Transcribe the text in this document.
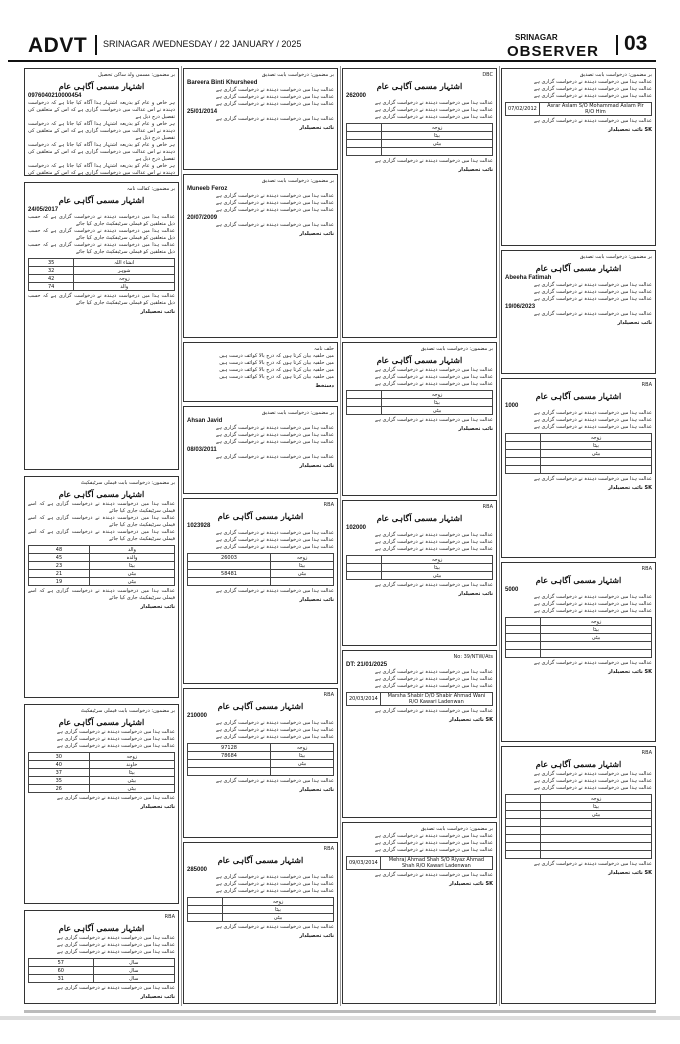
ADVT SRINAGAR /WEDNESDAY / 22 JANUARY / 2025
SRINAGAR
OBSERVER 03
بر مضمون: مسمی ولد ساکن تحصیل
اشتہار مسمی آگاہی عام
0976040210000454
ہر خاص و عام کو بذریعہ اشتہار ہذا آگاہ کیا جاتا ہے کہ درخواست دہندہ نے اس عدالت میں درخواست گزاری ہے کہ اس کے متعلقین کی تفصیل درج ذیل ہے
ہر خاص و عام کو بذریعہ اشتہار ہذا آگاہ کیا جاتا ہے کہ درخواست دہندہ نے اس عدالت میں درخواست گزاری ہے کہ اس کے متعلقین کی تفصیل درج ذیل ہے
ہر خاص و عام کو بذریعہ اشتہار ہذا آگاہ کیا جاتا ہے کہ درخواست دہندہ نے اس عدالت میں درخواست گزاری ہے کہ اس کے متعلقین کی تفصیل درج ذیل ہے
ہر خاص و عام کو بذریعہ اشتہار ہذا آگاہ کیا جاتا ہے کہ درخواست دہندہ نے اس عدالت میں درخواست گزاری ہے کہ اس کے متعلقین کی
بر مضمون: کفالت نامہ
اشتہار مسمی آگاہی عام
24/05/2017
عدالت ہذا میں درخواست دہندہ نے درخواست گزاری ہے کہ حسب ذیل متعلقین کو فیملی سرٹیفکیٹ جاری کیا جائے
عدالت ہذا میں درخواست دہندہ نے درخواست گزاری ہے کہ حسب ذیل متعلقین کو فیملی سرٹیفکیٹ جاری کیا جائے
عدالت ہذا میں درخواست دہندہ نے درخواست گزاری ہے کہ حسب ذیل متعلقین کو فیملی سرٹیفکیٹ جاری کیا جائے
35	انشاء اللہ
32	شوہر
42	زوجہ
74	والد
عدالت ہذا میں درخواست دہندہ نے درخواست گزاری ہے کہ حسب ذیل متعلقین کو فیملی سرٹیفکیٹ جاری کیا جائے
نائب تحصیلدار
بر مضمون: درخواست بابت فیملی سرٹیفکیٹ
اشتہار مسمی آگاہی عام
عدالت ہذا میں درخواست دہندہ نے درخواست گزاری ہے کہ اسے فیملی سرٹیفکیٹ جاری کیا جائے
عدالت ہذا میں درخواست دہندہ نے درخواست گزاری ہے کہ اسے فیملی سرٹیفکیٹ جاری کیا جائے
عدالت ہذا میں درخواست دہندہ نے درخواست گزاری ہے کہ اسے فیملی سرٹیفکیٹ جاری کیا جائے
48	والد
45	والدہ
23	بیٹا
21	بیٹی
19	بیٹی
عدالت ہذا میں درخواست دہندہ نے درخواست گزاری ہے کہ اسے فیملی سرٹیفکیٹ جاری کیا جائے
نائب تحصیلدار
بر مضمون: درخواست بابت فیملی سرٹیفکیٹ
اشتہار مسمی آگاہی عام
عدالت ہذا میں درخواست دہندہ نے درخواست گزاری ہے
عدالت ہذا میں درخواست دہندہ نے درخواست گزاری ہے
عدالت ہذا میں درخواست دہندہ نے درخواست گزاری ہے
30	زوجہ
40	خاوند
37	بیٹا
35	بیٹی
26	بیٹی
عدالت ہذا میں درخواست دہندہ نے درخواست گزاری ہے
نائب تحصیلدار
RBA
اشتہار مسمی آگاہی عام
عدالت ہذا میں درخواست دہندہ نے درخواست گزاری ہے
عدالت ہذا میں درخواست دہندہ نے درخواست گزاری ہے
عدالت ہذا میں درخواست دہندہ نے درخواست گزاری ہے
57	سال
60	سال
31	سال
عدالت ہذا میں درخواست دہندہ نے درخواست گزاری ہے
نائب تحصیلدار
بر مضمون: درخواست بابت تصدیق
Bareera Binti Khursheed
عدالت ہذا میں درخواست دہندہ نے درخواست گزاری ہے
عدالت ہذا میں درخواست دہندہ نے درخواست گزاری ہے
عدالت ہذا میں درخواست دہندہ نے درخواست گزاری ہے
25/01/2014
عدالت ہذا میں درخواست دہندہ نے درخواست گزاری ہے
نائب تحصیلدار
بر مضمون: درخواست بابت تصدیق
Muneeb Feroz
عدالت ہذا میں درخواست دہندہ نے درخواست گزاری ہے
عدالت ہذا میں درخواست دہندہ نے درخواست گزاری ہے
عدالت ہذا میں درخواست دہندہ نے درخواست گزاری ہے
20/07/2009
عدالت ہذا میں درخواست دہندہ نے درخواست گزاری ہے
نائب تحصیلدار
حلف نامہ
میں حلفیہ بیان کرتا ہوں کہ درج بالا کوائف درست ہیں
میں حلفیہ بیان کرتا ہوں کہ درج بالا کوائف درست ہیں
میں حلفیہ بیان کرتا ہوں کہ درج بالا کوائف درست ہیں
میں حلفیہ بیان کرتا ہوں کہ درج بالا کوائف درست ہیں
دستخط
بر مضمون: درخواست بابت تصدیق
Ahsan Javid
عدالت ہذا میں درخواست دہندہ نے درخواست گزاری ہے
عدالت ہذا میں درخواست دہندہ نے درخواست گزاری ہے
عدالت ہذا میں درخواست دہندہ نے درخواست گزاری ہے
08/03/2011
عدالت ہذا میں درخواست دہندہ نے درخواست گزاری ہے
نائب تحصیلدار
RBA
اشتہار مسمی آگاہی عام
1023928
عدالت ہذا میں درخواست دہندہ نے درخواست گزاری ہے
عدالت ہذا میں درخواست دہندہ نے درخواست گزاری ہے
عدالت ہذا میں درخواست دہندہ نے درخواست گزاری ہے
26003	زوجہ
	بیٹا
58481	بیٹی

عدالت ہذا میں درخواست دہندہ نے درخواست گزاری ہے
نائب تحصیلدار
RBA
اشتہار مسمی آگاہی عام
210000
عدالت ہذا میں درخواست دہندہ نے درخواست گزاری ہے
عدالت ہذا میں درخواست دہندہ نے درخواست گزاری ہے
عدالت ہذا میں درخواست دہندہ نے درخواست گزاری ہے
97128	زوجہ
78684	بیٹا
	بیٹی

عدالت ہذا میں درخواست دہندہ نے درخواست گزاری ہے
نائب تحصیلدار
RBA
اشتہار مسمی آگاہی عام
285000
عدالت ہذا میں درخواست دہندہ نے درخواست گزاری ہے
عدالت ہذا میں درخواست دہندہ نے درخواست گزاری ہے
عدالت ہذا میں درخواست دہندہ نے درخواست گزاری ہے
	زوجہ
	بیٹا
	بیٹی
عدالت ہذا میں درخواست دہندہ نے درخواست گزاری ہے
نائب تحصیلدار
DBC
اشتہار مسمی آگاہی عام
262000
عدالت ہذا میں درخواست دہندہ نے درخواست گزاری ہے
عدالت ہذا میں درخواست دہندہ نے درخواست گزاری ہے
عدالت ہذا میں درخواست دہندہ نے درخواست گزاری ہے
	زوجہ
	بیٹا
	بیٹی

عدالت ہذا میں درخواست دہندہ نے درخواست گزاری ہے
نائب تحصیلدار
بر مضمون: درخواست بابت تصدیق
اشتہار مسمی آگاہی عام
عدالت ہذا میں درخواست دہندہ نے درخواست گزاری ہے
عدالت ہذا میں درخواست دہندہ نے درخواست گزاری ہے
عدالت ہذا میں درخواست دہندہ نے درخواست گزاری ہے
	زوجہ
	بیٹا
	بیٹی
عدالت ہذا میں درخواست دہندہ نے درخواست گزاری ہے
نائب تحصیلدار
RBA
اشتہار مسمی آگاہی عام
102000
عدالت ہذا میں درخواست دہندہ نے درخواست گزاری ہے
عدالت ہذا میں درخواست دہندہ نے درخواست گزاری ہے
عدالت ہذا میں درخواست دہندہ نے درخواست گزاری ہے
	زوجہ
	بیٹا
	بیٹی
عدالت ہذا میں درخواست دہندہ نے درخواست گزاری ہے
نائب تحصیلدار
No: 39/NTW/Ats
DT: 21/01/2025
عدالت ہذا میں درخواست دہندہ نے درخواست گزاری ہے
عدالت ہذا میں درخواست دہندہ نے درخواست گزاری ہے
عدالت ہذا میں درخواست دہندہ نے درخواست گزاری ہے
20/03/2014	Marsha Shabir D/O Shabir Ahmad Wani R/O Kawari Ladenwan
عدالت ہذا میں درخواست دہندہ نے درخواست گزاری ہے
SK نائب تحصیلدار
بر مضمون: درخواست بابت تصدیق
عدالت ہذا میں درخواست دہندہ نے درخواست گزاری ہے
عدالت ہذا میں درخواست دہندہ نے درخواست گزاری ہے
عدالت ہذا میں درخواست دہندہ نے درخواست گزاری ہے
09/03/2014	Mehraj Ahmad Shah S/O Riyaz Ahmad Shah R/O Kawari Ladenwan
عدالت ہذا میں درخواست دہندہ نے درخواست گزاری ہے
SK نائب تحصیلدار
بر مضمون: درخواست بابت تصدیق
عدالت ہذا میں درخواست دہندہ نے درخواست گزاری ہے
عدالت ہذا میں درخواست دہندہ نے درخواست گزاری ہے
عدالت ہذا میں درخواست دہندہ نے درخواست گزاری ہے
07/02/2012	Asrar Aslam S/O Mohammad Aslam Pir R/O Him
عدالت ہذا میں درخواست دہندہ نے درخواست گزاری ہے
SK نائب تحصیلدار
بر مضمون: درخواست بابت تصدیق
اشتہار مسمی آگاہی عام
Abeeha Fatimah
عدالت ہذا میں درخواست دہندہ نے درخواست گزاری ہے
عدالت ہذا میں درخواست دہندہ نے درخواست گزاری ہے
عدالت ہذا میں درخواست دہندہ نے درخواست گزاری ہے
19/06/2023
عدالت ہذا میں درخواست دہندہ نے درخواست گزاری ہے
نائب تحصیلدار
RBA
اشتہار مسمی آگاہی عام
1000
عدالت ہذا میں درخواست دہندہ نے درخواست گزاری ہے
عدالت ہذا میں درخواست دہندہ نے درخواست گزاری ہے
عدالت ہذا میں درخواست دہندہ نے درخواست گزاری ہے
	زوجہ
	بیٹا
	بیٹی

عدالت ہذا میں درخواست دہندہ نے درخواست گزاری ہے
SK نائب تحصیلدار
RBA
اشتہار مسمی آگاہی عام
5000
عدالت ہذا میں درخواست دہندہ نے درخواست گزاری ہے
عدالت ہذا میں درخواست دہندہ نے درخواست گزاری ہے
عدالت ہذا میں درخواست دہندہ نے درخواست گزاری ہے
	زوجہ
	بیٹا
	بیٹی

عدالت ہذا میں درخواست دہندہ نے درخواست گزاری ہے
SK نائب تحصیلدار
RBA
اشتہار مسمی آگاہی عام
عدالت ہذا میں درخواست دہندہ نے درخواست گزاری ہے
عدالت ہذا میں درخواست دہندہ نے درخواست گزاری ہے
عدالت ہذا میں درخواست دہندہ نے درخواست گزاری ہے
	زوجہ
	بیٹا
	بیٹی

عدالت ہذا میں درخواست دہندہ نے درخواست گزاری ہے
SK نائب تحصیلدار
